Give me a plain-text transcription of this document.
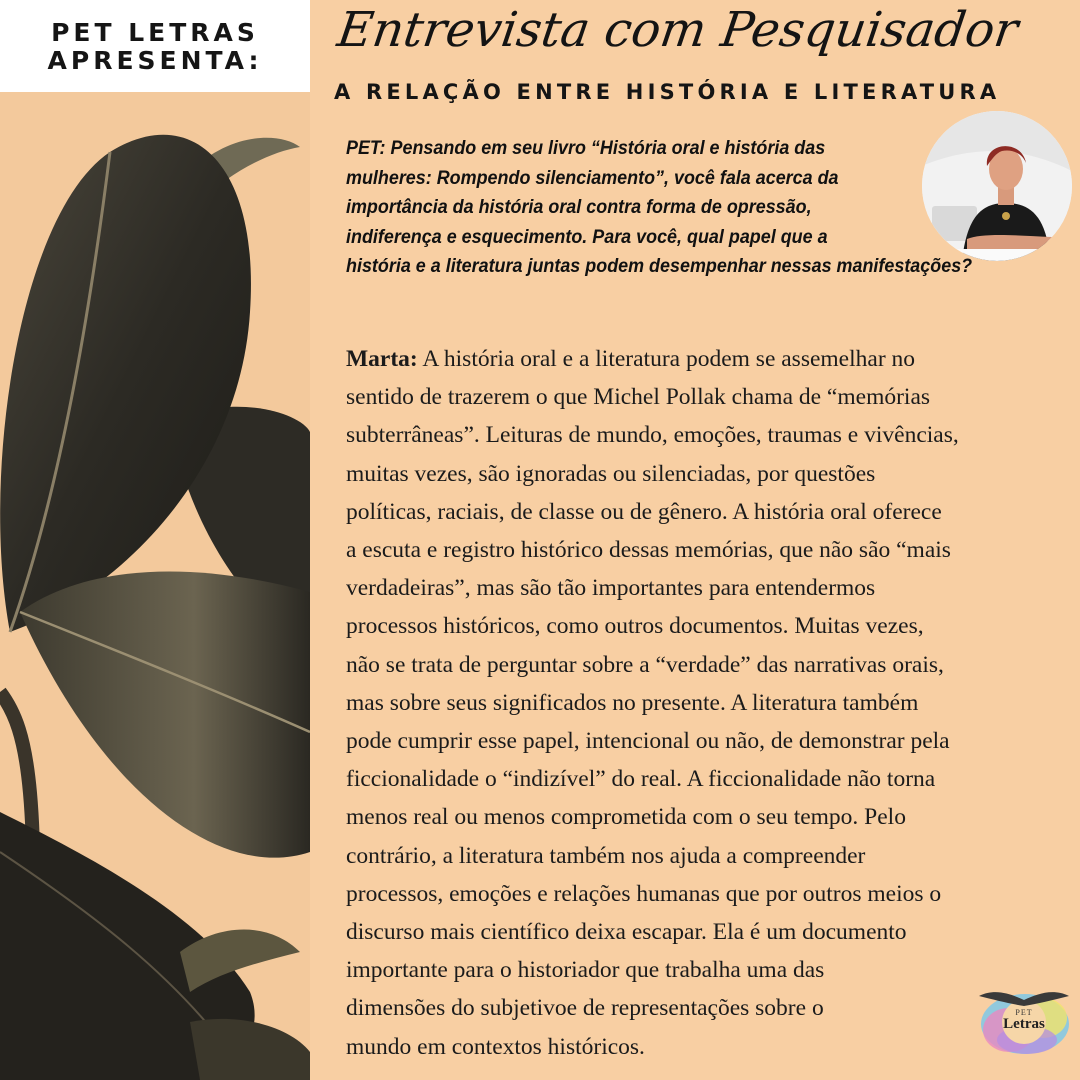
PET LETRAS
APRESENTA:
Entrevista com Pesquisador
A RELAÇÃO ENTRE HISTÓRIA E LITERATURA
PET: Pensando em seu livro “História oral e história das
mulheres: Rompendo silenciamento”, você fala acerca da
importância da história oral contra forma de opressão,
indiferença e esquecimento. Para você, qual papel que a
história e a literatura juntas podem desempenhar nessas manifestações?
Marta: A história oral e a literatura podem se assemelhar no
sentido de trazerem o que Michel Pollak chama de “memórias
subterrâneas”. Leituras de mundo, emoções, traumas e vivências,
muitas vezes, são ignoradas ou silenciadas, por questões
políticas, raciais, de classe ou de gênero. A história oral oferece
a escuta e registro histórico dessas memórias, que não são “mais
verdadeiras”, mas são tão importantes para entendermos
processos históricos, como outros documentos. Muitas vezes,
não se trata de perguntar sobre a “verdade” das narrativas orais,
mas sobre seus significados no presente. A literatura também
pode cumprir esse papel, intencional ou não, de demonstrar pela
ficcionalidade o “indizível” do real. A ficcionalidade não torna
menos real ou menos comprometida com o seu tempo. Pelo
contrário, a literatura também nos ajuda a compreender
processos, emoções e relações humanas que por outros meios o
discurso mais científico deixa escapar. Ela é um documento
importante para o historiador que trabalha uma das
dimensões do subjetivoe de representações sobre o
mundo em contextos históricos.
PET
Letras
